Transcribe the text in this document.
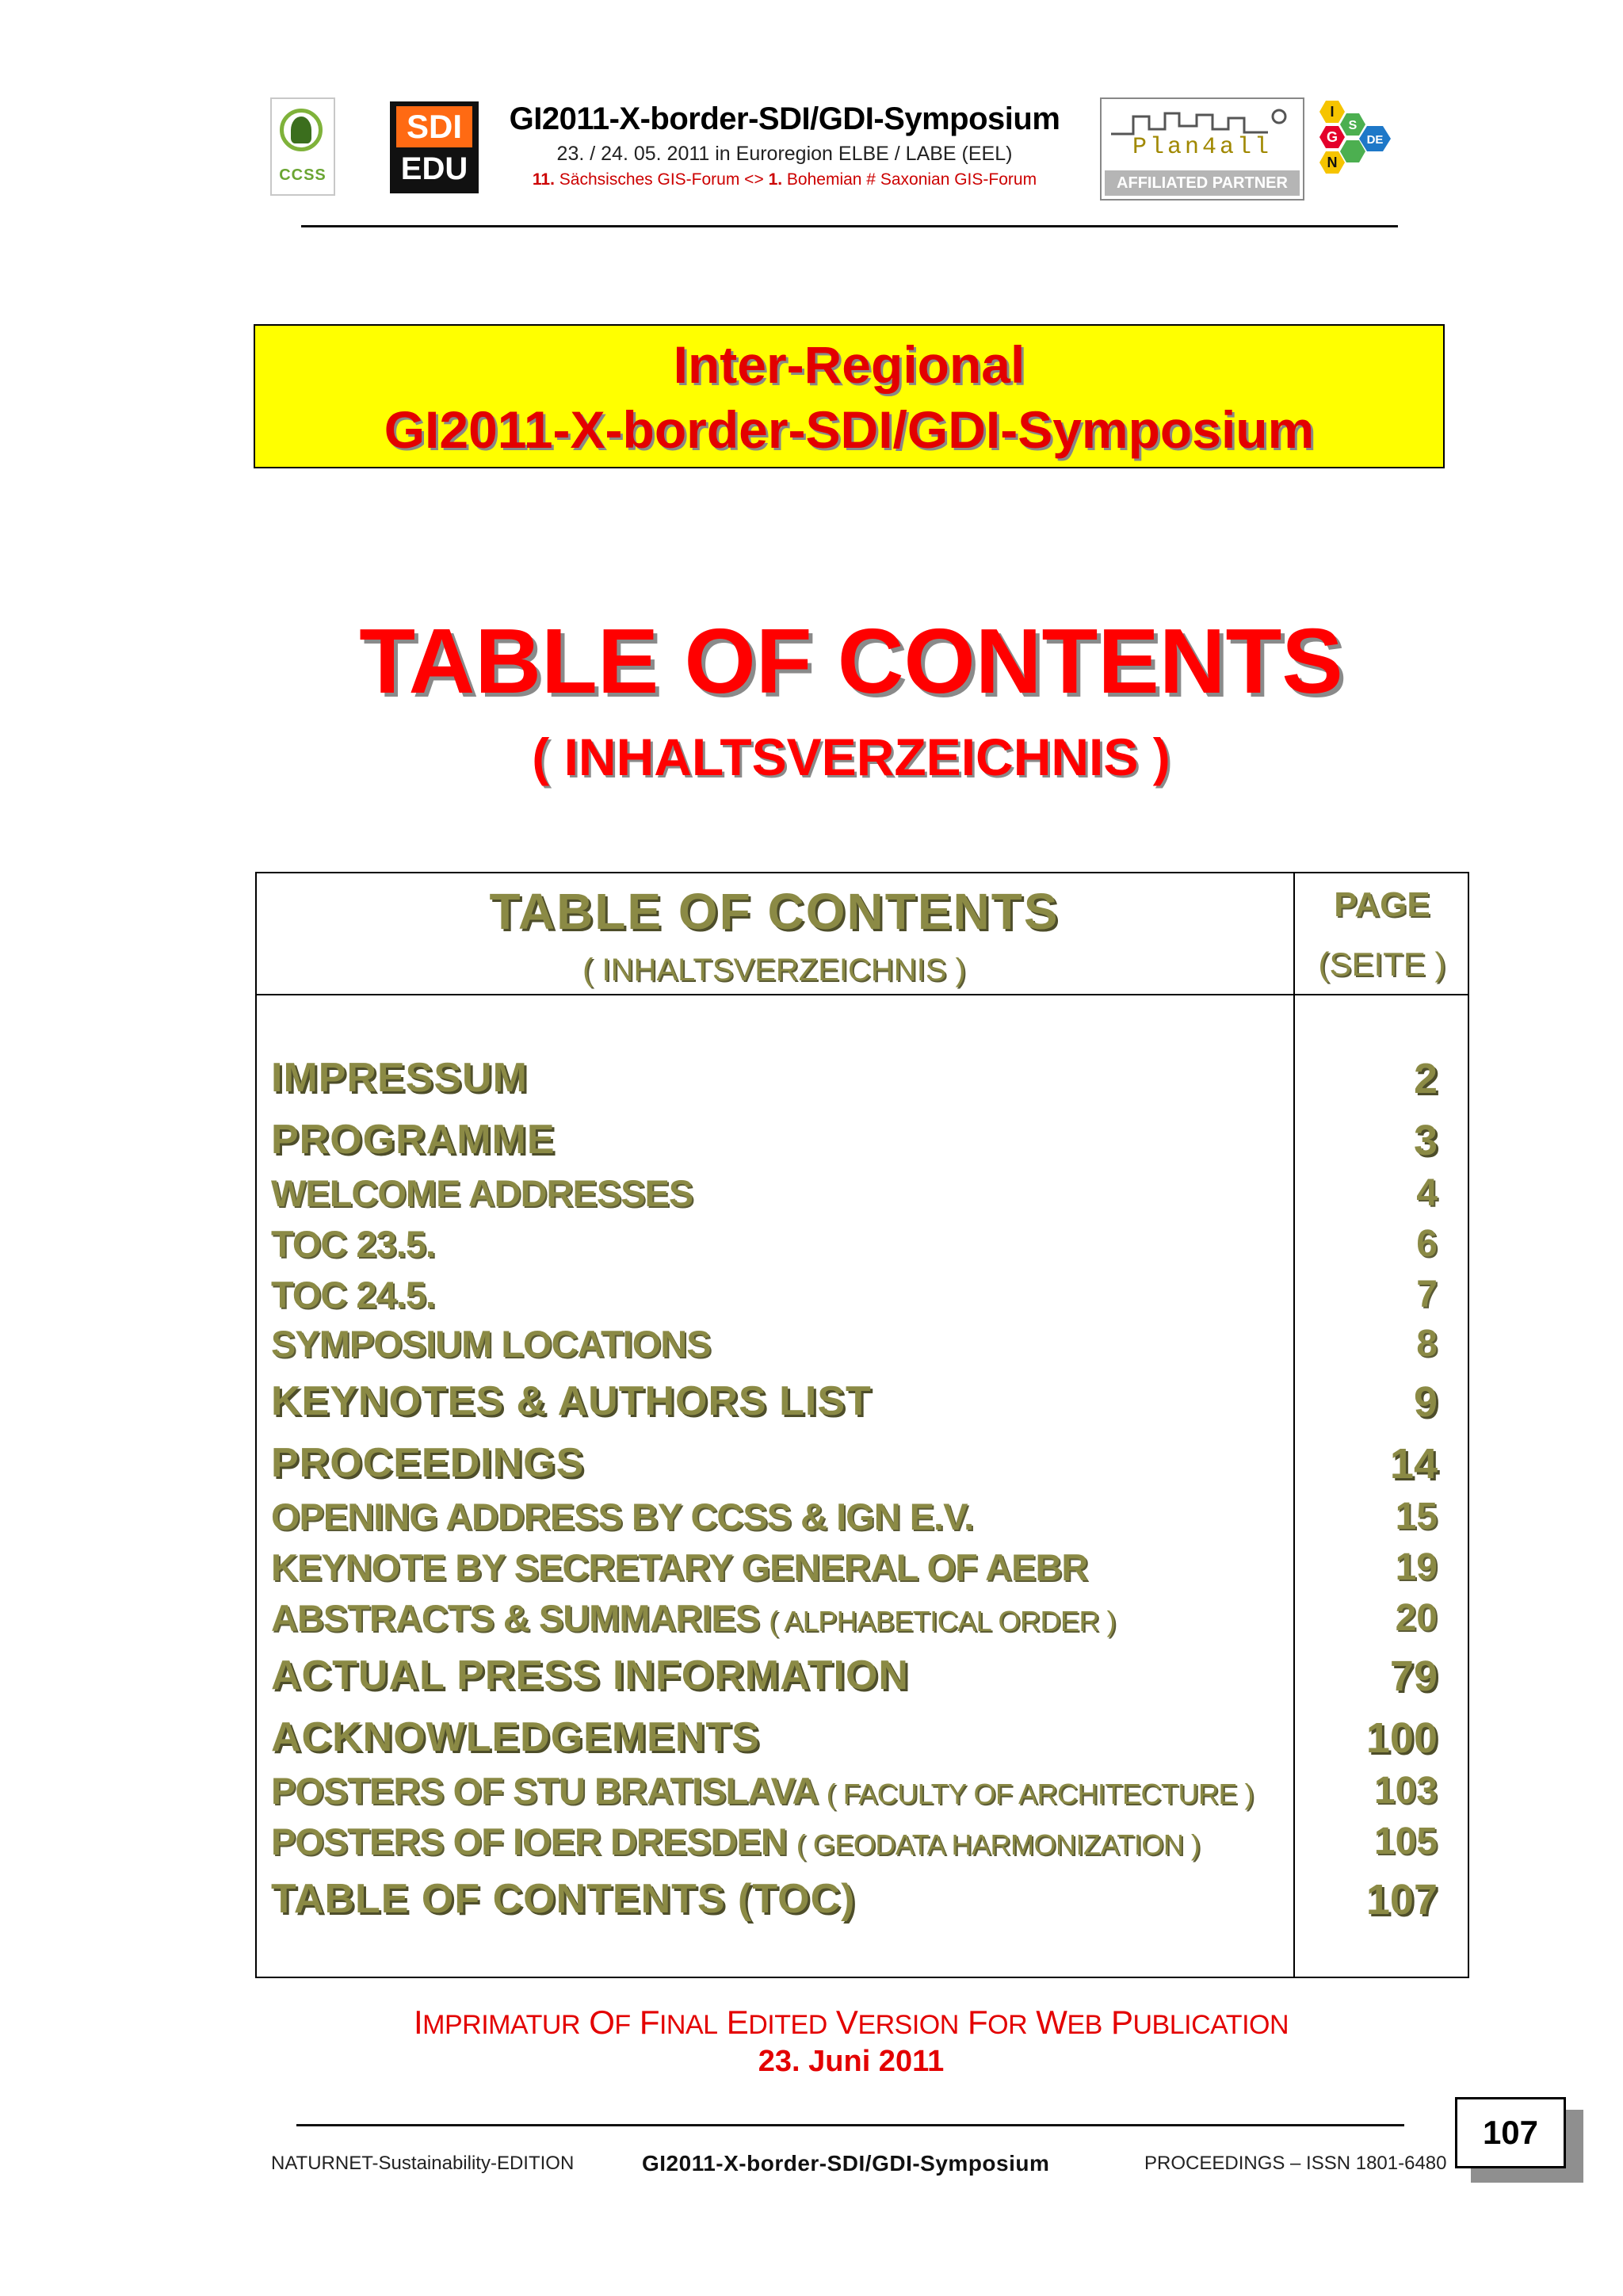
CCSS
SDI
EDU
GI2011-X-border-SDI/GDI-Symposium
23. / 24. 05. 2011 in Euroregion ELBE / LABE (EEL)
11. Sächsisches GIS-Forum <> 1. Bohemian # Saxonian GIS-Forum
Plan4all
AFFILIATED PARTNER
I
G
N
S
DE
Inter-Regional
GI2011-X-border-SDI/GDI-Symposium
TABLE OF CONTENTS
( INHALTSVERZEICHNIS )
TABLE OF CONTENTS
( INHALTSVERZEICHNIS )
PAGE
(SEITE )
IMPRESSUM	2
PROGRAMME	3
WELCOME ADDRESSES	4
TOC 23.5.	6
TOC 24.5.	7
SYMPOSIUM LOCATIONS	8
KEYNOTES & AUTHORS LIST	9
PROCEEDINGS	14
OPENING ADDRESS BY CCSS & IGN E.V.	15
KEYNOTE BY SECRETARY GENERAL OF AEBR	19
ABSTRACTS & SUMMARIES ( ALPHABETICAL ORDER )	20
ACTUAL PRESS INFORMATION	79
ACKNOWLEDGEMENTS	100
POSTERS OF STU BRATISLAVA ( FACULTY OF ARCHITECTURE )	103
POSTERS OF IOER DRESDEN ( GEODATA HARMONIZATION )	105
TABLE OF CONTENTS (TOC)	107
IMPRIMATUR OF FINAL EDITED VERSION FOR WEB PUBLICATION
23. Juni 2011
NATURNET-Sustainability-EDITION	GI2011-X-border-SDI/GDI-Symposium	PROCEEDINGS – ISSN 1801-6480
107
